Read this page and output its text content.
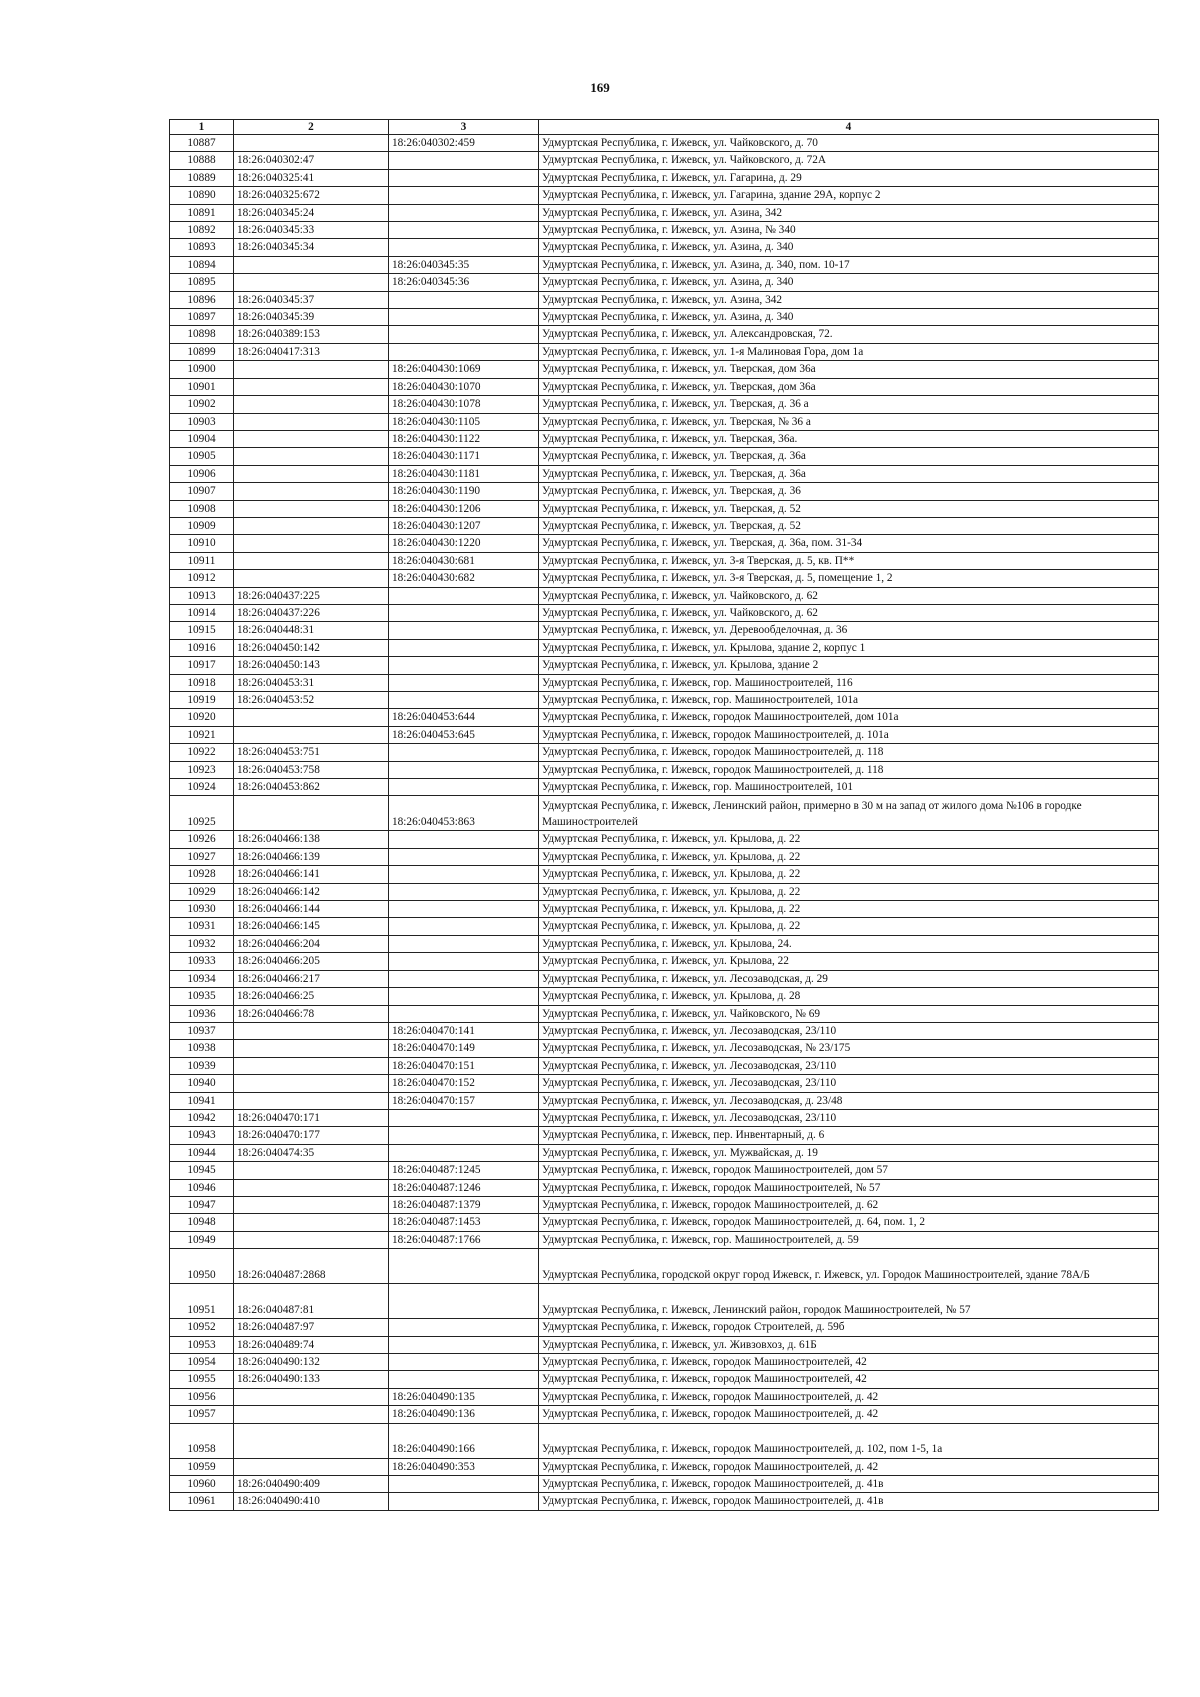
169
1	2	3	4
10887		18:26:040302:459	Удмуртская Республика, г. Ижевск, ул. Чайковского, д. 70
10888	18:26:040302:47		Удмуртская Республика, г. Ижевск, ул. Чайковского, д. 72А
10889	18:26:040325:41		Удмуртская Республика, г. Ижевск, ул. Гагарина, д. 29
10890	18:26:040325:672		Удмуртская Республика, г. Ижевск, ул. Гагарина, здание 29А, корпус 2
10891	18:26:040345:24		Удмуртская Республика, г. Ижевск, ул. Азина, 342
10892	18:26:040345:33		Удмуртская Республика, г. Ижевск, ул. Азина, № 340
10893	18:26:040345:34		Удмуртская Республика, г. Ижевск, ул. Азина, д. 340
10894		18:26:040345:35	Удмуртская Республика, г. Ижевск, ул. Азина, д. 340, пом. 10-17
10895		18:26:040345:36	Удмуртская Республика, г. Ижевск, ул. Азина, д. 340
10896	18:26:040345:37		Удмуртская Республика, г. Ижевск, ул. Азина, 342
10897	18:26:040345:39		Удмуртская Республика, г. Ижевск, ул. Азина, д. 340
10898	18:26:040389:153		Удмуртская Республика, г. Ижевск, ул. Александровская, 72.
10899	18:26:040417:313		Удмуртская Республика, г. Ижевск, ул. 1-я Малиновая Гора, дом 1а
10900		18:26:040430:1069	Удмуртская Республика, г. Ижевск, ул. Тверская, дом 36а
10901		18:26:040430:1070	Удмуртская Республика, г. Ижевск, ул. Тверская, дом 36а
10902		18:26:040430:1078	Удмуртская Республика, г. Ижевск, ул. Тверская, д. 36 а
10903		18:26:040430:1105	Удмуртская Республика, г. Ижевск, ул. Тверская, № 36 а
10904		18:26:040430:1122	Удмуртская Республика, г. Ижевск, ул. Тверская, 36а.
10905		18:26:040430:1171	Удмуртская Республика, г. Ижевск, ул. Тверская, д. 36а
10906		18:26:040430:1181	Удмуртская Республика, г. Ижевск, ул. Тверская, д. 36а
10907		18:26:040430:1190	Удмуртская Республика, г. Ижевск, ул. Тверская, д. 36
10908		18:26:040430:1206	Удмуртская Республика, г. Ижевск, ул. Тверская, д. 52
10909		18:26:040430:1207	Удмуртская Республика, г. Ижевск, ул. Тверская, д. 52
10910		18:26:040430:1220	Удмуртская Республика, г. Ижевск, ул. Тверская, д. 36а, пом. 31-34
10911		18:26:040430:681	Удмуртская Республика, г. Ижевск, ул. 3-я Тверская, д. 5, кв. П**
10912		18:26:040430:682	Удмуртская Республика, г. Ижевск, ул. 3-я Тверская, д. 5, помещение 1, 2
10913	18:26:040437:225		Удмуртская Республика, г. Ижевск, ул. Чайковского, д. 62
10914	18:26:040437:226		Удмуртская Республика, г. Ижевск, ул. Чайковского, д. 62
10915	18:26:040448:31		Удмуртская Республика, г. Ижевск, ул. Деревообделочная, д. 36
10916	18:26:040450:142		Удмуртская Республика, г. Ижевск, ул. Крылова, здание 2, корпус 1
10917	18:26:040450:143		Удмуртская Республика, г. Ижевск, ул. Крылова, здание 2
10918	18:26:040453:31		Удмуртская Республика, г. Ижевск, гор. Машиностроителей, 116
10919	18:26:040453:52		Удмуртская Республика, г. Ижевск, гор. Машиностроителей, 101а
10920		18:26:040453:644	Удмуртская Республика, г. Ижевск, городок Машиностроителей, дом 101а
10921		18:26:040453:645	Удмуртская Республика, г. Ижевск, городок Машиностроителей, д. 101а
10922	18:26:040453:751		Удмуртская Республика, г. Ижевск, городок Машиностроителей, д. 118
10923	18:26:040453:758		Удмуртская Республика, г. Ижевск, городок Машиностроителей, д. 118
10924	18:26:040453:862		Удмуртская Республика, г. Ижевск, гор. Машиностроителей, 101
10925		18:26:040453:863	Удмуртская Республика, г. Ижевск, Ленинский район, примерно в 30 м на запад от жилого дома №106 в городке Машиностроителей
10926	18:26:040466:138		Удмуртская Республика, г. Ижевск, ул. Крылова, д. 22
10927	18:26:040466:139		Удмуртская Республика, г. Ижевск, ул. Крылова, д. 22
10928	18:26:040466:141		Удмуртская Республика, г. Ижевск, ул. Крылова, д. 22
10929	18:26:040466:142		Удмуртская Республика, г. Ижевск, ул. Крылова, д. 22
10930	18:26:040466:144		Удмуртская Республика, г. Ижевск, ул. Крылова, д. 22
10931	18:26:040466:145		Удмуртская Республика, г. Ижевск, ул. Крылова, д. 22
10932	18:26:040466:204		Удмуртская Республика, г. Ижевск, ул. Крылова, 24.
10933	18:26:040466:205		Удмуртская Республика, г. Ижевск, ул. Крылова, 22
10934	18:26:040466:217		Удмуртская Республика, г. Ижевск, ул. Лесозаводская, д. 29
10935	18:26:040466:25		Удмуртская Республика, г. Ижевск, ул. Крылова, д. 28
10936	18:26:040466:78		Удмуртская Республика, г. Ижевск, ул. Чайковского, № 69
10937		18:26:040470:141	Удмуртская Республика, г. Ижевск, ул. Лесозаводская, 23/110
10938		18:26:040470:149	Удмуртская Республика, г. Ижевск, ул. Лесозаводская, № 23/175
10939		18:26:040470:151	Удмуртская Республика, г. Ижевск, ул. Лесозаводская, 23/110
10940		18:26:040470:152	Удмуртская Республика, г. Ижевск, ул. Лесозаводская, 23/110
10941		18:26:040470:157	Удмуртская Республика, г. Ижевск, ул. Лесозаводская, д. 23/48
10942	18:26:040470:171		Удмуртская Республика, г. Ижевск, ул. Лесозаводская, 23/110
10943	18:26:040470:177		Удмуртская Республика, г. Ижевск, пер. Инвентарный, д. 6
10944	18:26:040474:35		Удмуртская Республика, г. Ижевск, ул. Мужвайская, д. 19
10945		18:26:040487:1245	Удмуртская Республика, г. Ижевск, городок Машиностроителей, дом 57
10946		18:26:040487:1246	Удмуртская Республика, г. Ижевск, городок Машиностроителей, № 57
10947		18:26:040487:1379	Удмуртская Республика, г. Ижевск, городок Машиностроителей, д. 62
10948		18:26:040487:1453	Удмуртская Республика, г. Ижевск, городок Машиностроителей, д. 64, пом. 1, 2
10949		18:26:040487:1766	Удмуртская Республика, г. Ижевск, гор. Машиностроителей, д. 59
10950	18:26:040487:2868		Удмуртская Республика, городской округ город Ижевск, г. Ижевск, ул. Городок Машиностроителей, здание 78А/Б
10951	18:26:040487:81		Удмуртская Республика, г. Ижевск, Ленинский район, городок Машиностроителей, № 57
10952	18:26:040487:97		Удмуртская Республика, г. Ижевск, городок Строителей, д. 59б
10953	18:26:040489:74		Удмуртская Республика, г. Ижевск, ул. Живзовхоз, д. 61Б
10954	18:26:040490:132		Удмуртская Республика, г. Ижевск, городок Машиностроителей, 42
10955	18:26:040490:133		Удмуртская Республика, г. Ижевск, городок Машиностроителей, 42
10956		18:26:040490:135	Удмуртская Республика, г. Ижевск, городок Машиностроителей, д. 42
10957		18:26:040490:136	Удмуртская Республика, г. Ижевск, городок Машиностроителей, д. 42
10958		18:26:040490:166	Удмуртская Республика, г. Ижевск, городок Машиностроителей, д. 102, пом 1-5, 1а
10959		18:26:040490:353	Удмуртская Республика, г. Ижевск, городок Машиностроителей, д. 42
10960	18:26:040490:409		Удмуртская Республика, г. Ижевск, городок Машиностроителей, д. 41в
10961	18:26:040490:410		Удмуртская Республика, г. Ижевск, городок Машиностроителей, д. 41в
